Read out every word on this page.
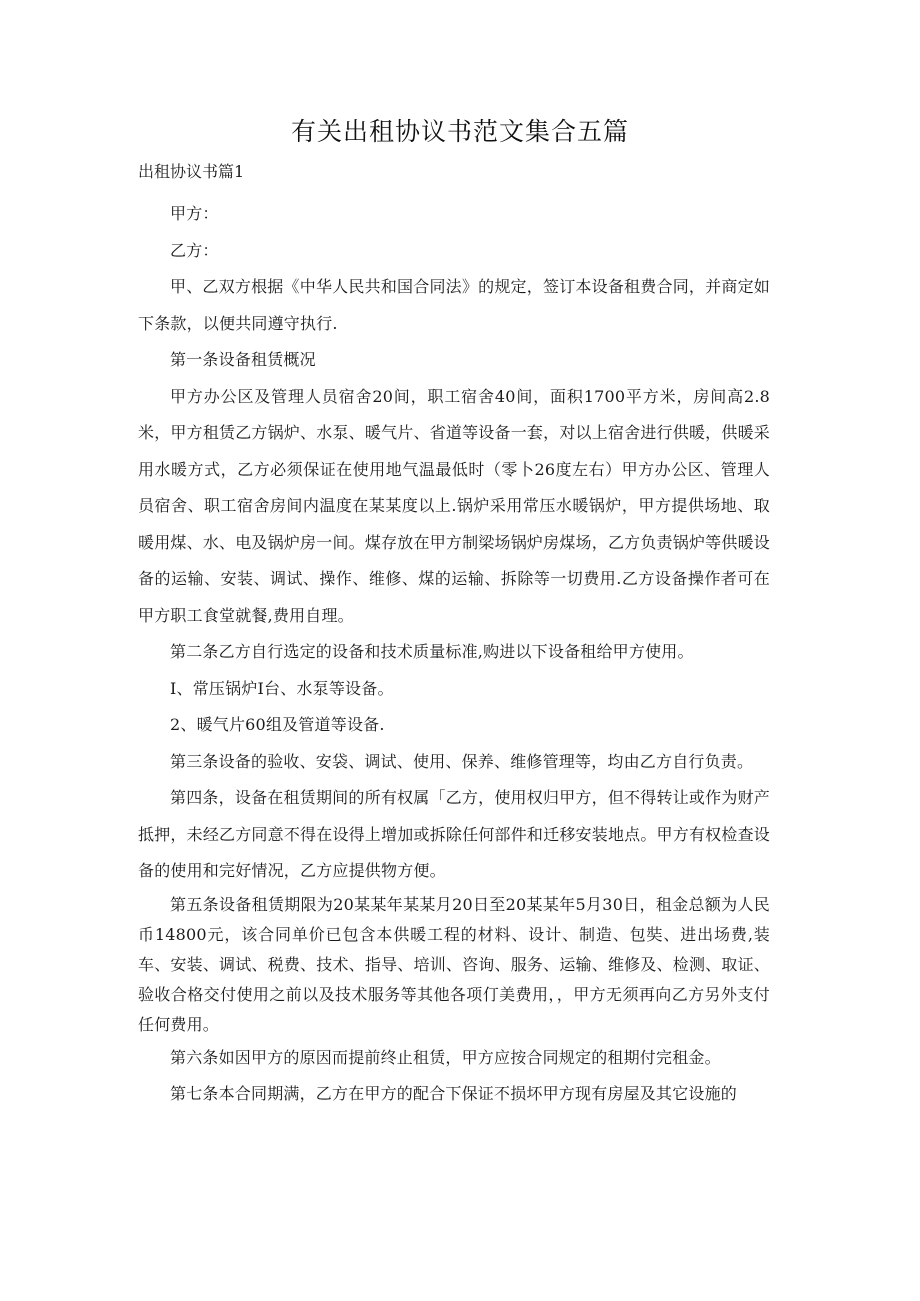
有关出租协议书范文集合五篇
出租协议书篇1

甲方：

乙方：

甲、乙双方根据《中华人民共和国合同法》的规定，签订本设备租费合同，并商定如下条款，以便共同遵守执行.

第一条设备租赁概况

甲方办公区及管理人员宿舍20间，职工宿舍40间，面积1700平方米，房间高2.8米，甲方租赁乙方锅炉、水泵、暖气片、省道等设备一套，对以上宿舍进行供暖，供暖采用水暖方式，乙方必须保证在使用地气温最低时（零卜26度左右）甲方办公区、管理人员宿舍、职工宿舍房间内温度在某某度以上.锅炉采用常压水暖锅炉，甲方提供场地、取暖用煤、水、电及锅炉房一间。煤存放在甲方制梁场锅炉房煤场，乙方负责锅炉等供暖设备的运输、安装、调试、操作、维修、煤的运输、拆除等一切费用.乙方设备操作者可在甲方职工食堂就餐,费用自理。

第二条乙方自行选定的设备和技术质量标准,购进以下设备租给甲方使用。

I、常压锅炉I台、水泵等设备。

2、暖气片60组及管道等设备.

第三条设备的验收、安袋、调试、使用、保养、维修管理等，均由乙方自行负责。

第四条，设备在租赁期间的所有权属「乙方，使用权归甲方，但不得转让或作为财产抵押，未经乙方同意不得在设得上增加或拆除任何部件和迁移安装地点。甲方有权检查设备的使用和完好情况，乙方应提供物方便。

第五条设备租赁期限为20某某年某某月20日至20某某年5月30日，租金总额为人民币14800元，该合同单价已包含本供暖工程的材料、设计、制造、包奘、进出场费,装车、安装、调试、税费、技术、指导、培训、咨询、服务、运输、维修及、检测、取证、验收合格交付使用之前以及技术服务等其他各项仃美费用，，甲方无须再向乙方另外支付任何费用。

第六条如因甲方的原因而提前终止租赁，甲方应按合同规定的租期付完租金。

第七条本合同期满，乙方在甲方的配合下保证不损坏甲方现有房屋及其它设施的
